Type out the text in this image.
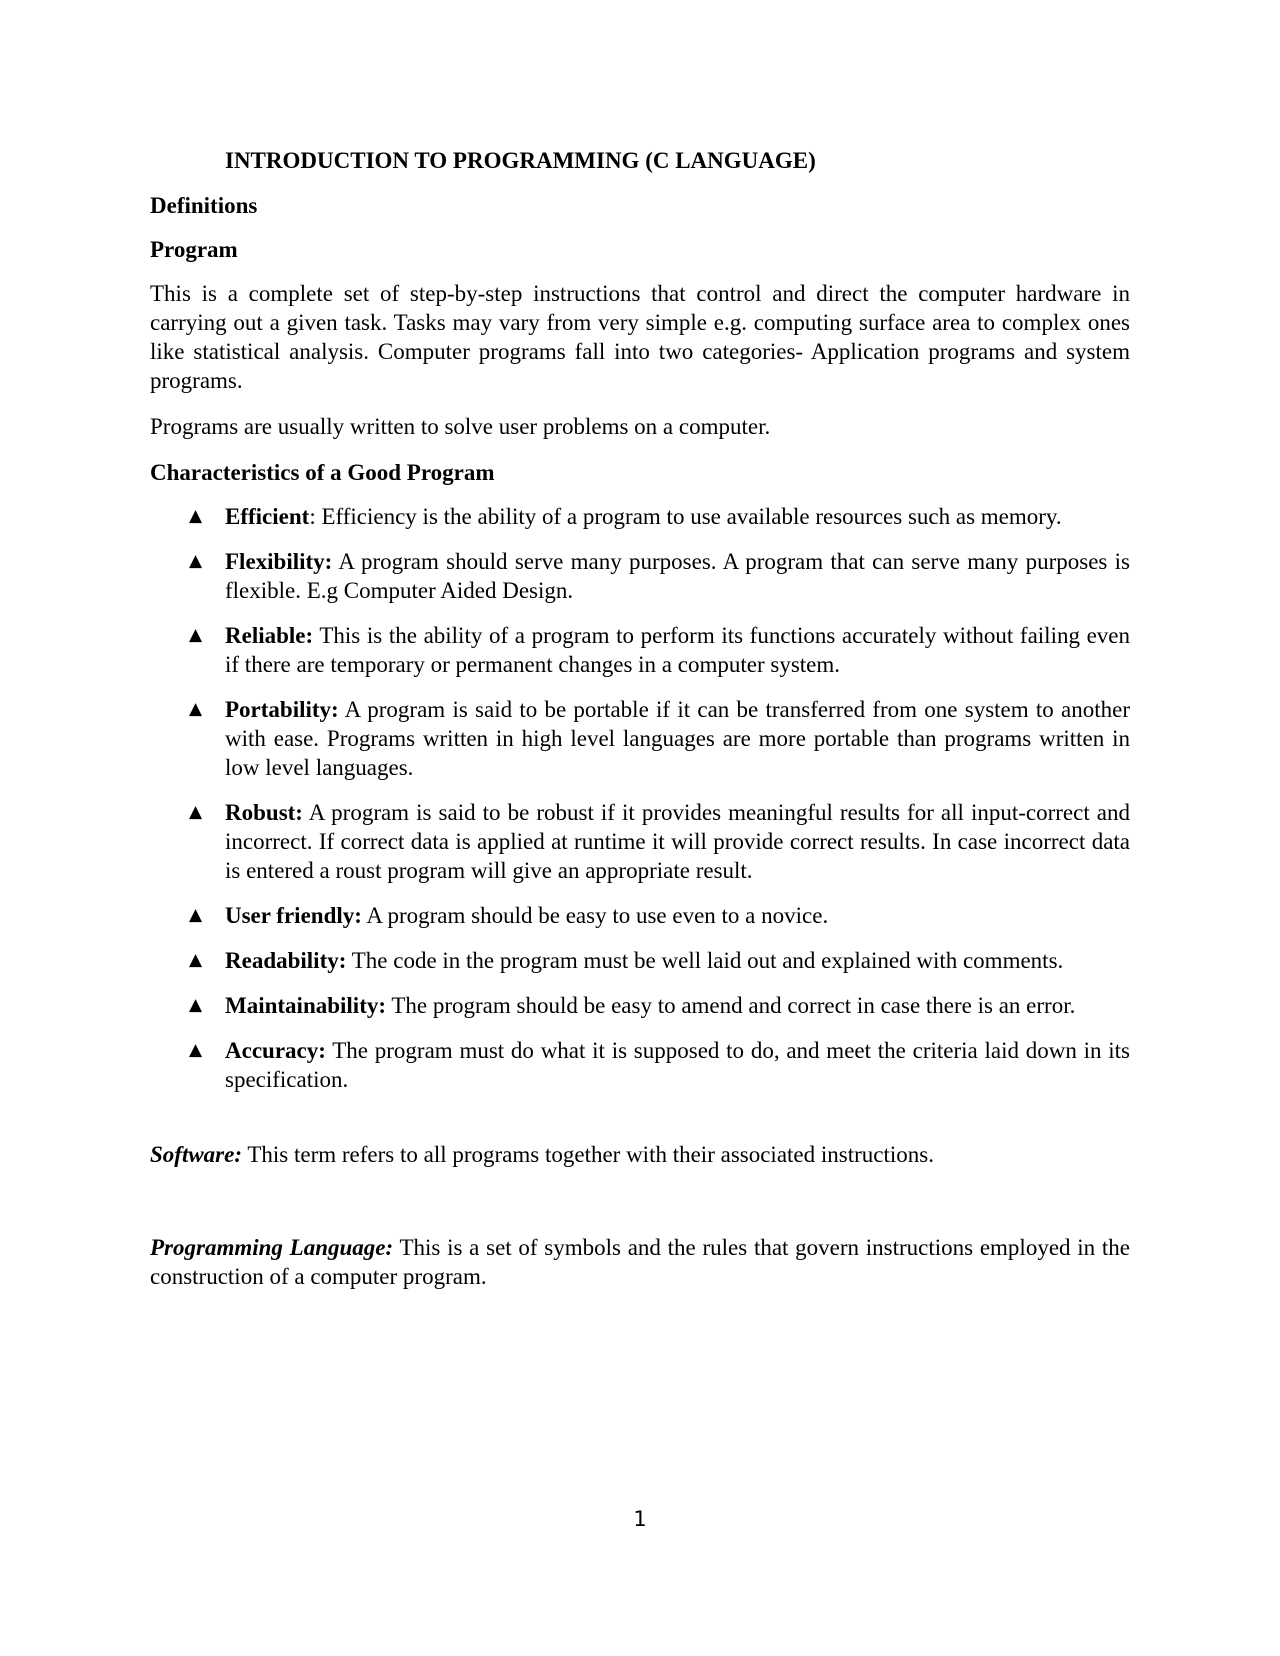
INTRODUCTION TO PROGRAMMING (C LANGUAGE)
Definitions
Program
This is a complete set of step-by-step instructions that control and direct the computer hardware in carrying out a given task. Tasks may vary from very simple e.g. computing surface area to complex ones like statistical analysis. Computer programs fall into two categories- Application programs and system programs.
Programs are usually written to solve user problems on a computer.
Characteristics of a Good Program
▲ Efficient: Efficiency is the ability of a program to use available resources such as memory.
▲ Flexibility: A program should serve many purposes. A program that can serve many purposes is flexible. E.g Computer Aided Design.
▲ Reliable: This is the ability of a program to perform its functions accurately without failing even if there are temporary or permanent changes in a computer system.
▲ Portability: A program is said to be portable if it can be transferred from one system to another with ease. Programs written in high level languages are more portable than programs written in low level languages.
▲ Robust: A program is said to be robust if it provides meaningful results for all input-correct and incorrect. If correct data is applied at runtime it will provide correct results. In case incorrect data is entered a roust program will give an appropriate result.
▲ User friendly: A program should be easy to use even to a novice.
▲ Readability: The code in the program must be well laid out and explained with comments.
▲ Maintainability: The program should be easy to amend and correct in case there is an error.
▲ Accuracy: The program must do what it is supposed to do, and meet the criteria laid down in its specification.
Software: This term refers to all programs together with their associated instructions.
Programming Language: This is a set of symbols and the rules that govern instructions employed in the construction of a computer program.
1
